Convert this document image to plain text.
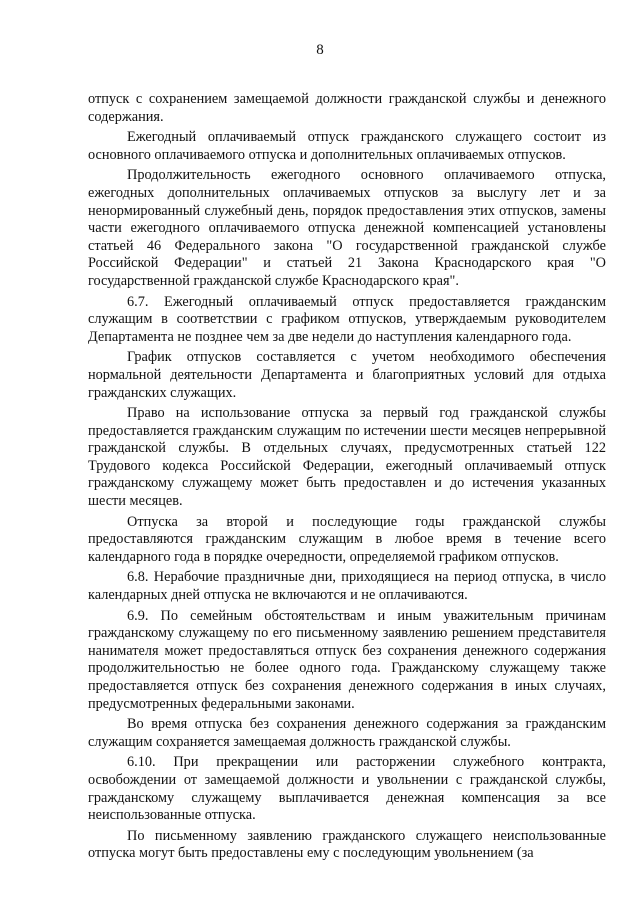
8

отпуск с сохранением замещаемой должности гражданской службы и денежного содержания.

Ежегодный оплачиваемый отпуск гражданского служащего состоит из основного оплачиваемого отпуска и дополнительных оплачиваемых отпусков.

Продолжительность ежегодного основного оплачиваемого отпуска, ежегодных дополнительных оплачиваемых отпусков за выслугу лет и за ненормированный служебный день, порядок предоставления этих отпусков, замены части ежегодного оплачиваемого отпуска денежной компенсацией установлены статьей 46 Федерального закона "О государственной гражданской службе Российской Федерации" и статьей 21 Закона Краснодарского края "О государственной гражданской службе Краснодарского края".

6.7. Ежегодный оплачиваемый отпуск предоставляется гражданским служащим в соответствии с графиком отпусков, утверждаемым руководителем Департамента не позднее чем за две недели до наступления календарного года.

График отпусков составляется с учетом необходимого обеспечения нормальной деятельности Департамента и благоприятных условий для отдыха гражданских служащих.

Право на использование отпуска за первый год гражданской службы предоставляется гражданским служащим по истечении шести месяцев непрерывной гражданской службы. В отдельных случаях, предусмотренных статьей 122 Трудового кодекса Российской Федерации, ежегодный оплачиваемый отпуск гражданскому служащему может быть предоставлен и до истечения указанных шести месяцев.

Отпуска за второй и последующие годы гражданской службы предоставляются гражданским служащим в любое время в течение всего календарного года в порядке очередности, определяемой графиком отпусков.

6.8. Нерабочие праздничные дни, приходящиеся на период отпуска, в число календарных дней отпуска не включаются и не оплачиваются.

6.9. По семейным обстоятельствам и иным уважительным причинам гражданскому служащему по его письменному заявлению решением представителя нанимателя может предоставляться отпуск без сохранения денежного содержания продолжительностью не более одного года. Гражданскому служащему также предоставляется отпуск без сохранения денежного содержания в иных случаях, предусмотренных федеральными законами.

Во время отпуска без сохранения денежного содержания за гражданским служащим сохраняется замещаемая должность гражданской службы.

6.10. При прекращении или расторжении служебного контракта, освобождении от замещаемой должности и увольнении с гражданской службы, гражданскому служащему выплачивается денежная компенсация за все неиспользованные отпуска.

По письменному заявлению гражданского служащего неиспользованные отпуска могут быть предоставлены ему с последующим увольнением (за
